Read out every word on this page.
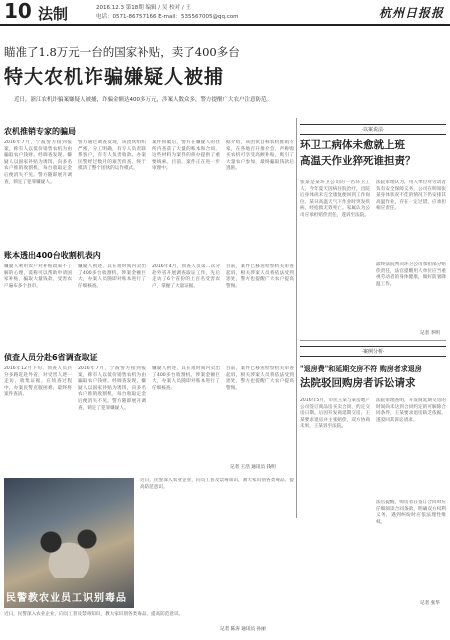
10 法制	2016.12.3 第18期 编辑 / 吴 校对 / 王
电话：0571-86757166 E-mail：535567005@qq.com	杭州日报报
瞄准了1.8万元一台的国家补贴，卖了400多台
特大农机诈骗嫌疑人被捕
近日，浙江农机诈骗案嫌疑人被捕，诈骗金额达400多万元，涉案人数众多，警方提醒广大农户注意防范。
农机推销专家的骗局
2016年7月，宁波警方接到报案，称有人以低价销售农机为由骗取农户钱财。经调查发现，嫌疑人以国家补贴为诱饵，向多名农户推销收割机，每台收取定金后便消失不见。警方随即展开调查，锁定了犯罪嫌疑人。
警方通过调查发现，该团伙组织严密，分工明确，有专人负责联系客户，有专人负责收款。办案民警经过数月的艰苦侦查，终于摸清了整个团伙的运作模式。
案件侦破后，警方在嫌疑人的住所内查获了大量的账本和合同，这些材料为案件的侦办提供了重要线索。目前，案件正在进一步审理中。
据介绍，该团伙自称农机推销专家，在各地召开推介会，声称购买农机可享受高额补贴，吸引了大量农户参加，最终骗取钱款后逃匿。
账本透出400台收割机表内
嫌疑人利用农户对补贴政策不了解的心理，谎称可以帮助申请国家补贴，骗取大量钱款，受害农户遍布多个县市。
嫌疑人供述，其在短时间内卖出了400多台收割机，涉案金额巨大，办案人员随即对账本进行了仔细核查。
2016年4月，侦查人员第二次分赴外省开展调查取证工作，先后走访了6个省份的上百名受害农户，掌握了大量证据。
目前，案件已移送检察机关审查起诉，相关涉案人员将依法受到惩处，警方也提醒广大农户提高警惕。
侦查人员分赴6省调查取证
2016年12月下旬，侦查人员兵分多路赶赴外省，对受害人逐一走访，收集证据。在侦查过程中，办案民警克服困难，最终将案件查清。
2016年7月，宁波警方接到报案，称有人以低价销售农机为由骗取农户钱财。经调查发现，嫌疑人以国家补贴为诱饵，向多名农户推销收割机，每台收取定金后便消失不见。警方随即展开调查，锁定了犯罪嫌疑人。
嫌疑人供述，其在短时间内卖出了400多台收割机，涉案金额巨大，办案人员随即对账本进行了仔细核查。
目前，案件已移送检察机关审查起诉，相关涉案人员将依法受到惩处，警方也提醒广大农户提高警惕。
记者 王浩 通讯员 钱明
·以案说法·
环卫工病体未愈就上班
高温天作业猝死谁担责？
张某是某环卫公司的一名环卫工人，今年夏天因病住院治疗，出院后身体尚未完全康复便回到工作岗位。某日高温天气下作业时突发疾病，经抢救无效死亡。家属认为公司应承担赔偿责任，遂诉至法院。
法院审理认为，用人单位对劳动者负有安全保障义务，公司在明知张某身体状况不佳的情况下仍安排其高温作业，存在一定过错，应承担相应责任。
最终法院判决环卫公司承担部分赔偿责任，法官提醒用人单位应当重视劳动者的身体健康，做好防暑降温工作。
记者 李明
·案例分析·
"退房费"和延期交房不符 购房者求退房
法院驳回购房者诉讼请求
2016年5月，市民王某与某房地产公司签订商品房买卖合同，约定交房日期。后因开发商延期交房，王某要求退房并主张赔偿，双方协商未果，王某诉至法院。
法院审理查明，开发商延期交房的时间尚未达到合同约定的可解除合同条件，王某要求退房缺乏依据，遂驳回其诉讼请求。
法官提醒，购房者在签订合同时应仔细阅读合同条款，明确双方权利义务，遇到纠纷时应依法理性维权。
记者 张华
民警教农业员工识别毒品
近日，民警深入农业企业，向员工普及禁毒知识，教大家识别各类毒品，提高防范意识。
近日，民警深入农业企业，向员工普及禁毒知识，教大家识别各类毒品，提高防范意识。
记者 陈涛 通讯员 孙丽
